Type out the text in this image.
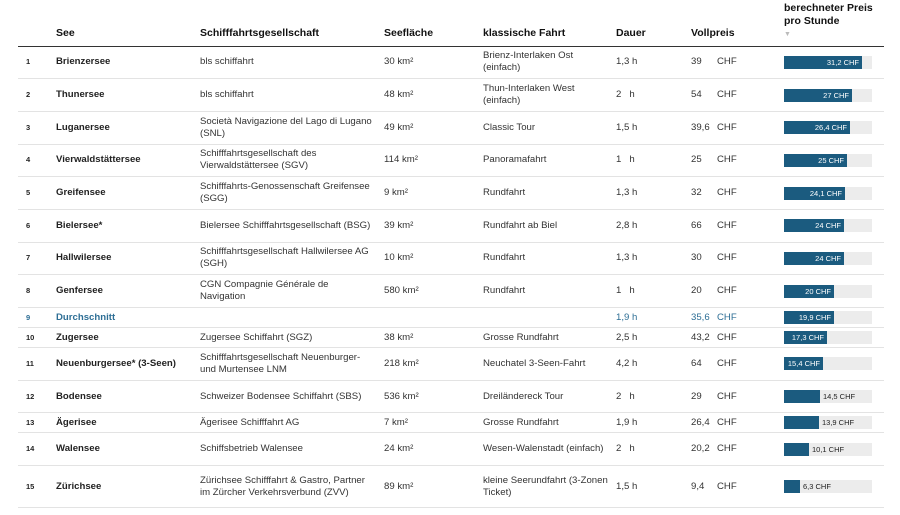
	See	Schifffahrtsgesellschaft	Seefläche	klassische Fahrt	Dauer	Vollpreis	berechneter Preis pro Stunde
▼

1	Brienzersee	bls schiffahrt	30 km²	Brienz-Interlaken Ost (einfach)	1,3 h	39 CHF	31,2 CHF

2	Thunersee	bls schiffahrt	48 km²	Thun-Interlaken West (einfach)	2   h	54 CHF	27 CHF

3	Luganersee	Società Navigazione del Lago di Lugano (SNL)	49 km²	Classic Tour	1,5 h	39,6 CHF	26,4 CHF

4	Vierwaldstättersee	Schifffahrtsgesellschaft des Vierwaldstättersee (SGV)	114 km²	Panoramafahrt	1   h	25 CHF	25 CHF

5	Greifensee	Schifffahrts-Genossenschaft Greifensee (SGG)	9 km²	Rundfahrt	1,3 h	32 CHF	24,1 CHF

6	Bielersee*	Bielersee Schifffahrtsgesellschaft (BSG)	39 km²	Rundfahrt ab Biel	2,8 h	66 CHF	24 CHF

7	Hallwilersee	Schifffahrtsgesellschaft Hallwilersee AG (SGH)	10 km²	Rundfahrt	1,3 h	30 CHF	24 CHF

8	Genfersee	CGN Compagnie Générale de Navigation	580 km²	Rundfahrt	1   h	20 CHF	20 CHF

9	Durchschnitt				1,9 h	35,6 CHF	19,9 CHF

10	Zugersee	Zugersee Schiffahrt (SGZ)	38 km²	Grosse Rundfahrt	2,5 h	43,2 CHF	17,3 CHF

11	Neuenburgersee* (3-Seen)	Schifffahrtsgesellschaft Neuenburger- und Murtensee LNM	218 km²	Neuchatel 3-Seen-Fahrt	4,2 h	64 CHF	15,4 CHF

12	Bodensee	Schweizer Bodensee Schiffahrt (SBS)	536 km²	Dreiländereck Tour	2   h	29 CHF	14,5 CHF

13	Ägerisee	Ägerisee Schifffahrt AG	7 km²	Grosse Rundfahrt	1,9 h	26,4 CHF	13,9 CHF

14	Walensee	Schiffsbetrieb Walensee	24 km²	Wesen-Walenstadt (einfach)	2   h	20,2 CHF	10,1 CHF

15	Zürichsee	Zürichsee Schifffahrt & Gastro, Partner im Zürcher Verkehrsverbund (ZVV)	89 km²	kleine Seerundfahrt (3-Zonen Ticket)	1,5 h	9,4 CHF	6,3 CHF
